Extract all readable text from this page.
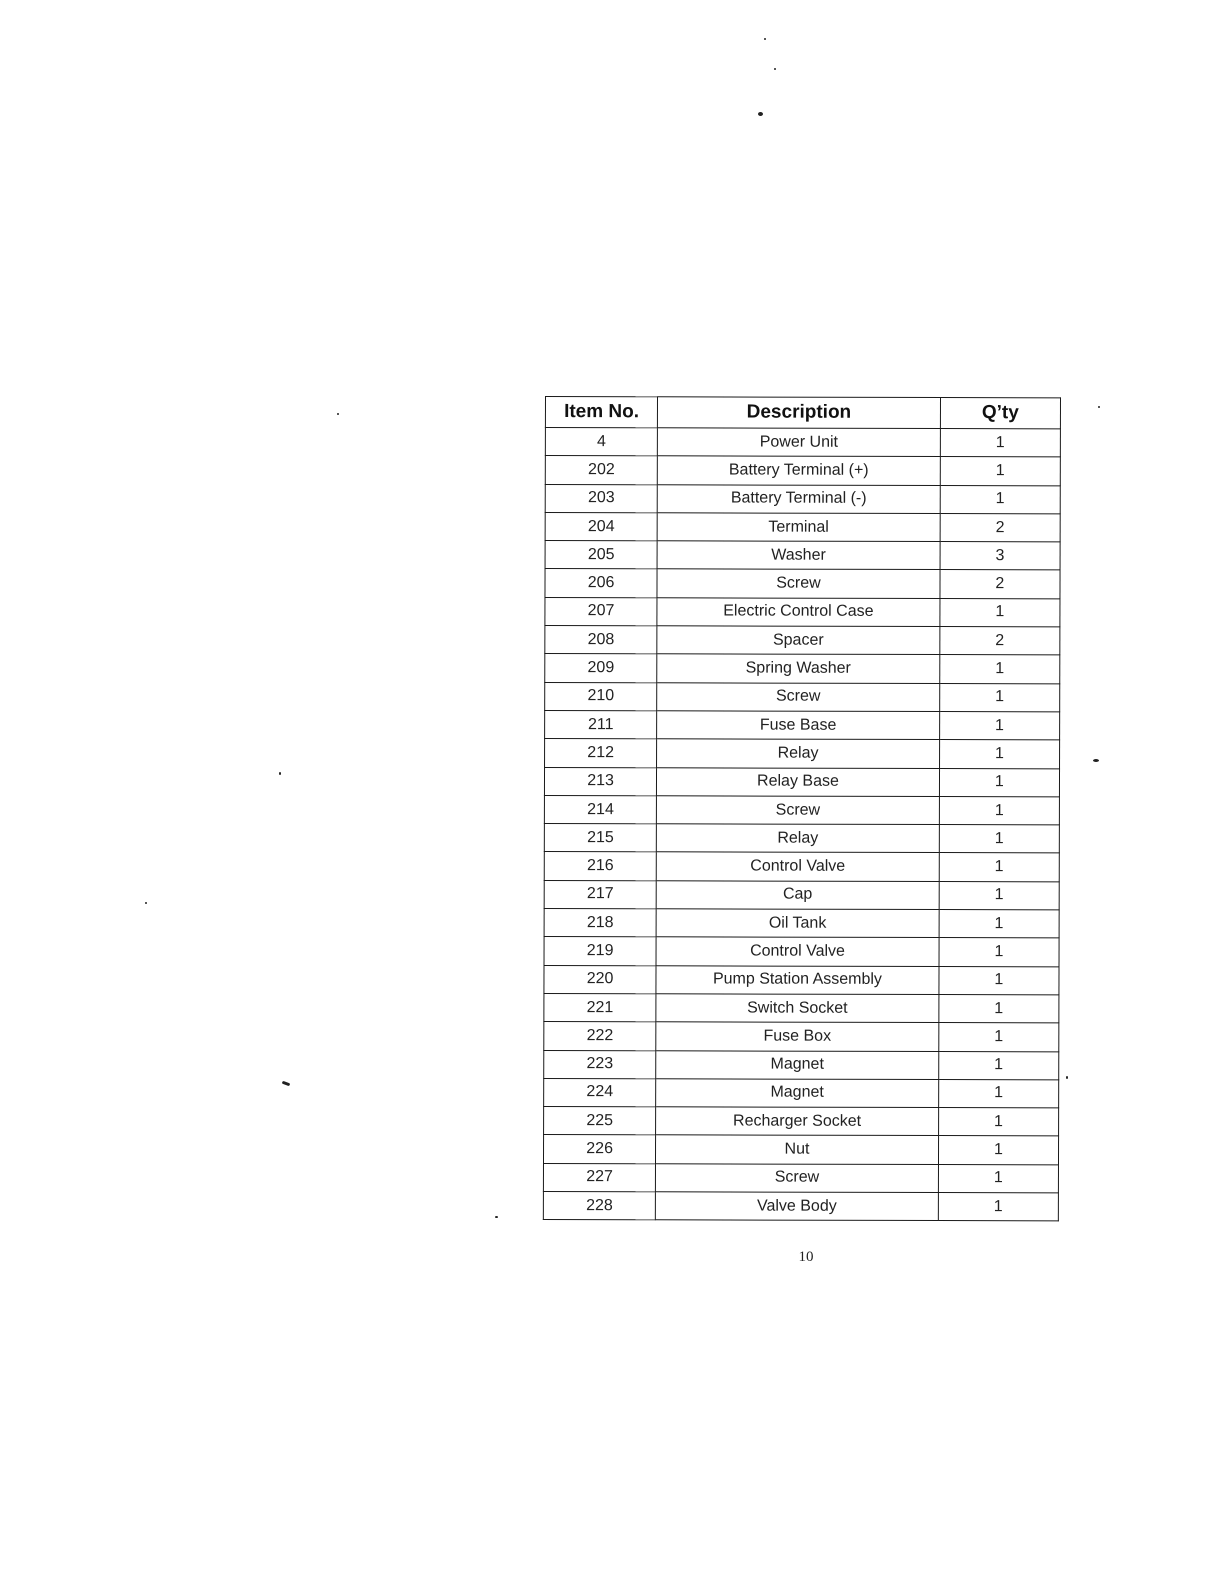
Item No.	Description	Q’ty
4	Power Unit	1
202	Battery Terminal (+)	1
203	Battery Terminal (-)	1
204	Terminal	2
205	Washer	3
206	Screw	2
207	Electric Control Case	1
208	Spacer	2
209	Spring Washer	1
210	Screw	1
211	Fuse Base	1
212	Relay	1
213	Relay Base	1
214	Screw	1
215	Relay	1
216	Control Valve	1
217	Cap	1
218	Oil Tank	1
219	Control Valve	1
220	Pump Station Assembly	1
221	Switch Socket	1
222	Fuse Box	1
223	Magnet	1
224	Magnet	1
225	Recharger Socket	1
226	Nut	1
227	Screw	1
228	Valve Body	1
10
